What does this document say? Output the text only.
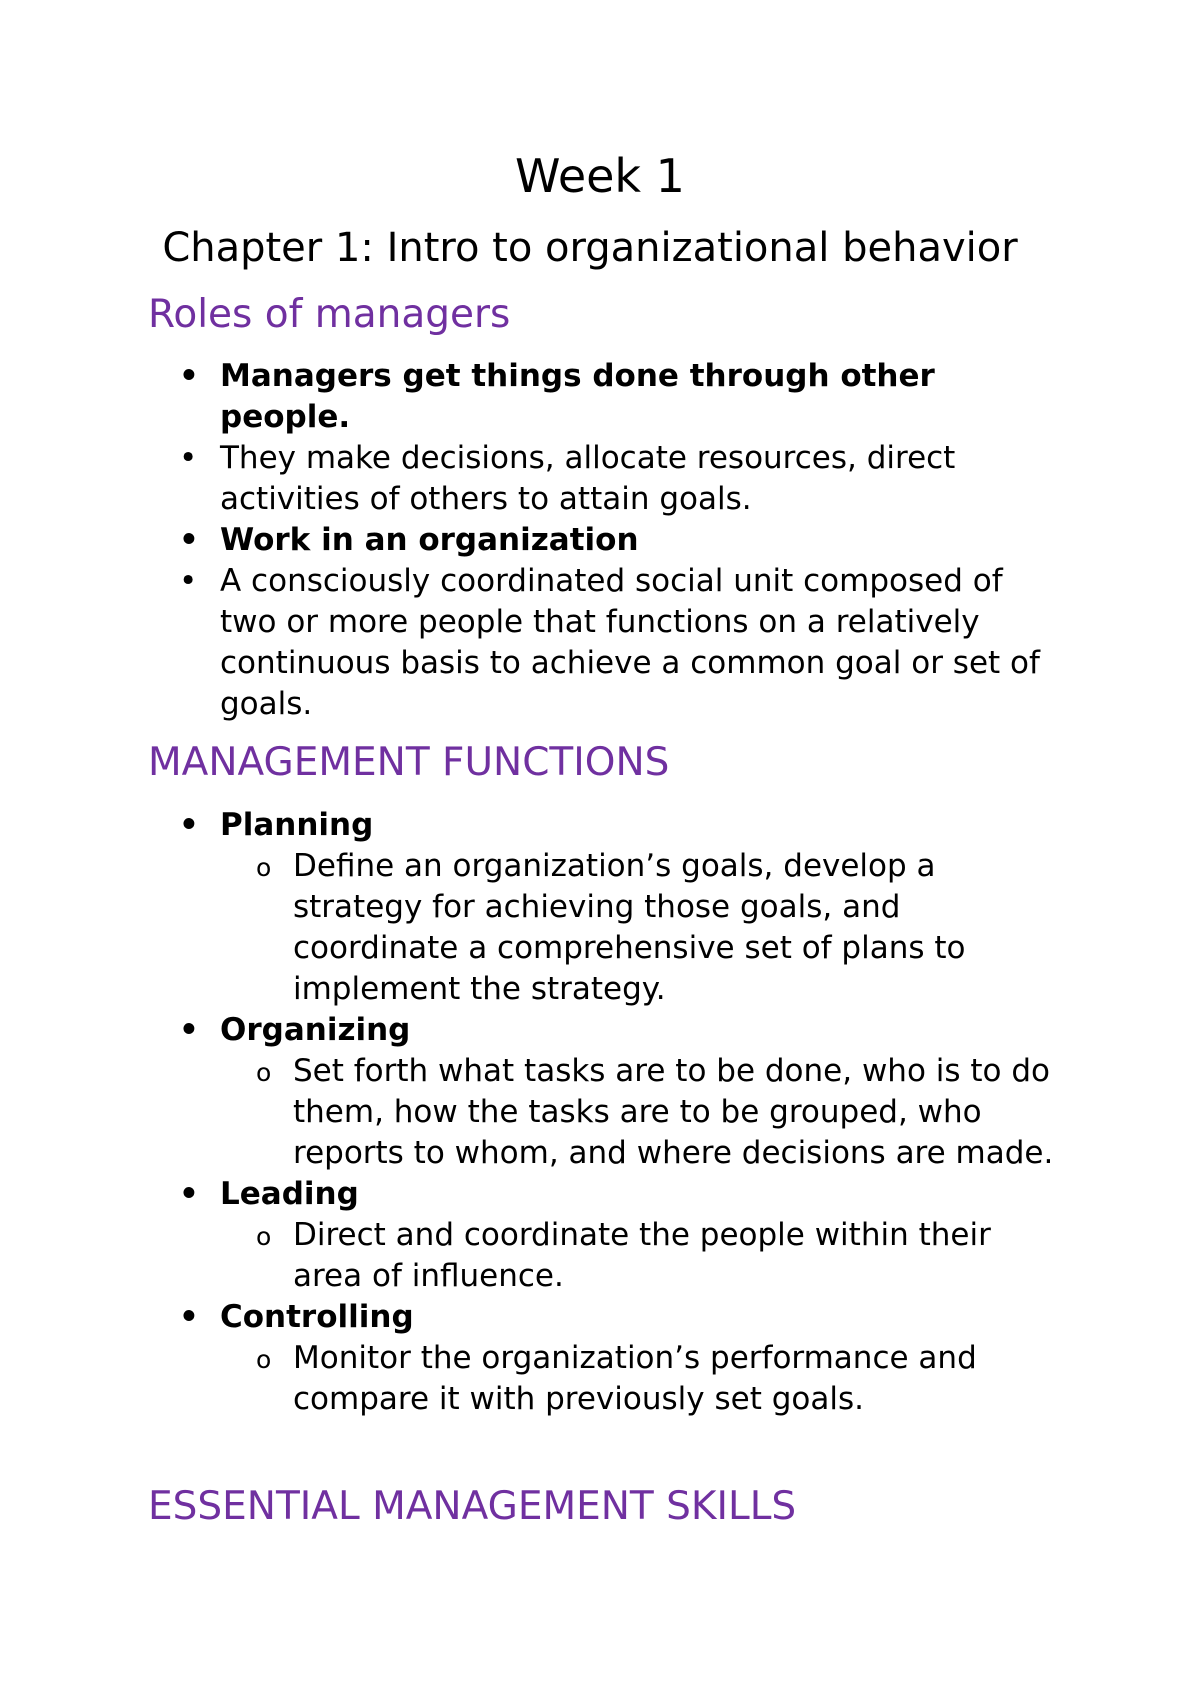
Week 1
Chapter 1: Intro to organizational behavior
Roles of managers
• Managers get things done through other people.
• They make decisions, allocate resources, direct activities of others to attain goals.
• Work in an organization
• A consciously coordinated social unit composed of two or more people that functions on a relatively continuous basis to achieve a common goal or set of goals.
MANAGEMENT FUNCTIONS
• Planning
o Define an organization’s goals, develop a strategy for achieving those goals, and coordinate a comprehensive set of plans to implement the strategy.
• Organizing
o Set forth what tasks are to be done, who is to do them, how the tasks are to be grouped, who reports to whom, and where decisions are made.
• Leading
o Direct and coordinate the people within their area of influence.
• Controlling
o Monitor the organization’s performance and compare it with previously set goals.
ESSENTIAL MANAGEMENT SKILLS
